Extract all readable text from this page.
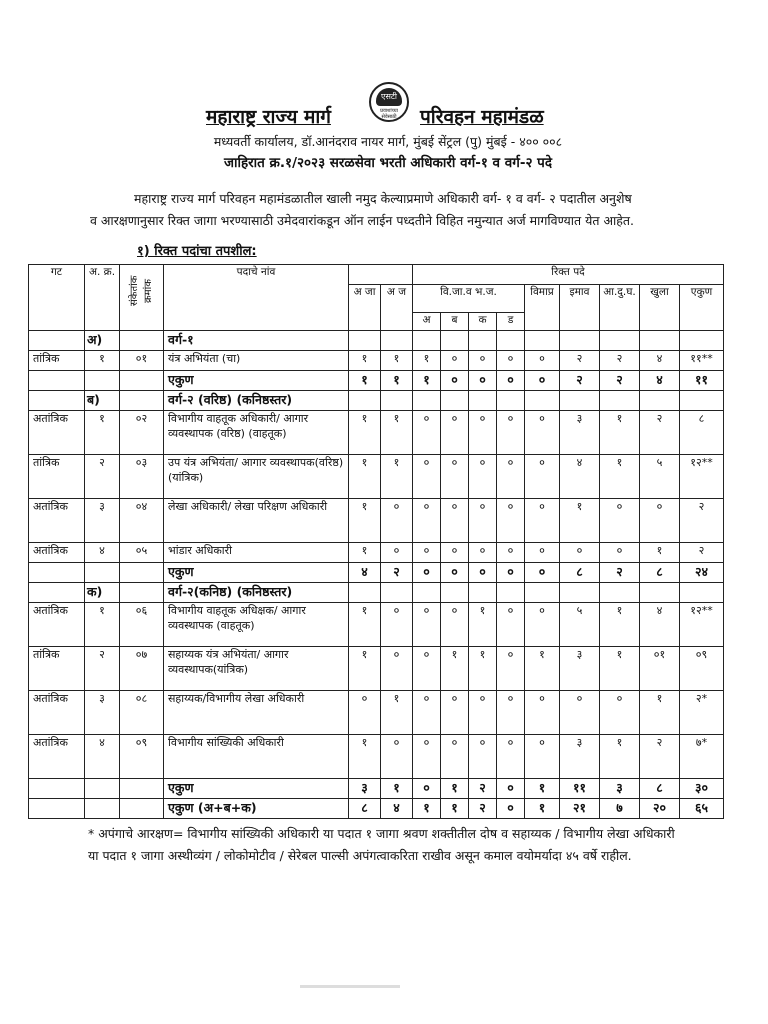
महाराष्ट्र राज्य मार्ग	परिवहन महामंडळ
एसटी
प्रवाशांच्या सेवेसाठी
मध्यवर्ती कार्यालय, डॉ.आनंदराव नायर मार्ग, मुंबई सेंट्रल (पु) मुंबई - ४०० ००८
जाहिरात क्र.१/२०२३ सरळसेवा भरती अधिकारी वर्ग-१ व वर्ग-२ पदे
महाराष्ट्र राज्य मार्ग परिवहन महामंडळातील खाली नमुद केल्याप्रमाणे अधिकारी वर्ग- १ व वर्ग- २ पदातील अनुशेष
व आरक्षणानुसार रिक्त जागा भरण्यासाठी उमेदवारांकडून ऑन लाईन पध्दतीने विहित नमुन्यात अर्ज मागविण्यात येत आहेत.
१) रिक्त पदांचा तपशील:
गट	अ. क्र.	संकेतांक क्रमांक	पदाचे नांव			रिक्त पदे								
				अ जा	अ ज	वि.जा.व भ.ज.				विमाप्र	इमाव	आ.दु.घ.	खुला	एकुण
						अ	ब	क	ड					
	अ)		वर्ग-१											
तांत्रिक	१	०१	यंत्र अभियंता (चा)	१	१	१	०	०	०	०	२	२	४	११**
			एकुण	१	१	१	०	०	०	०	२	२	४	११
	ब)		वर्ग-२ (वरिष्ठ) (कनिष्ठस्तर)											
अतांत्रिक	१	०२	विभागीय वाहतूक अधिकारी/ आगार व्यवस्थापक (वरिष्ठ) (वाहतूक)	१	१	०	०	०	०	०	३	१	२	८
तांत्रिक	२	०३	उप यंत्र अभियंता/ आगार व्यवस्थापक(वरिष्ठ)(यांत्रिक)	१	१	०	०	०	०	०	४	१	५	१२**
अतांत्रिक	३	०४	लेखा अधिकारी/ लेखा परिक्षण अधिकारी	१	०	०	०	०	०	०	१	०	०	२
अतांत्रिक	४	०५	भांडार अधिकारी	१	०	०	०	०	०	०	०	०	१	२
			एकुण	४	२	०	०	०	०	०	८	२	८	२४
	क)		वर्ग-२(कनिष्ठ) (कनिष्ठस्तर)											
अतांत्रिक	१	०६	विभागीय वाहतूक अधिक्षक/ आगार व्यवस्थापक (वाहतूक)	१	०	०	०	१	०	०	५	१	४	१२**
तांत्रिक	२	०७	सहाय्यक यंत्र अभियंता/ आगार व्यवस्थापक(यांत्रिक)	१	०	०	१	१	०	१	३	१	०१	०९
अतांत्रिक	३	०८	सहाय्यक/विभागीय लेखा अधिकारी	०	१	०	०	०	०	०	०	०	१	२*
अतांत्रिक	४	०९	विभागीय सांख्यिकी अधिकारी	१	०	०	०	०	०	०	३	१	२	७*
			एकुण	३	१	०	१	२	०	१	११	३	८	३०
			एकुण (अ+ब+क)	८	४	१	१	२	०	१	२१	७	२०	६५
* अपंगाचे आरक्षण= विभागीय सांख्यिकी अधिकारी या पदात १ जागा श्रवण शक्तीतील दोष व सहाय्यक / विभागीय लेखा अधिकारी या पदात १ जागा अस्थीव्यंग / लोकोमोटीव / सेरेबल पाल्सी अपंगत्वाकरिता राखीव असून कमाल वयोमर्यादा ४५ वर्षे राहील.
